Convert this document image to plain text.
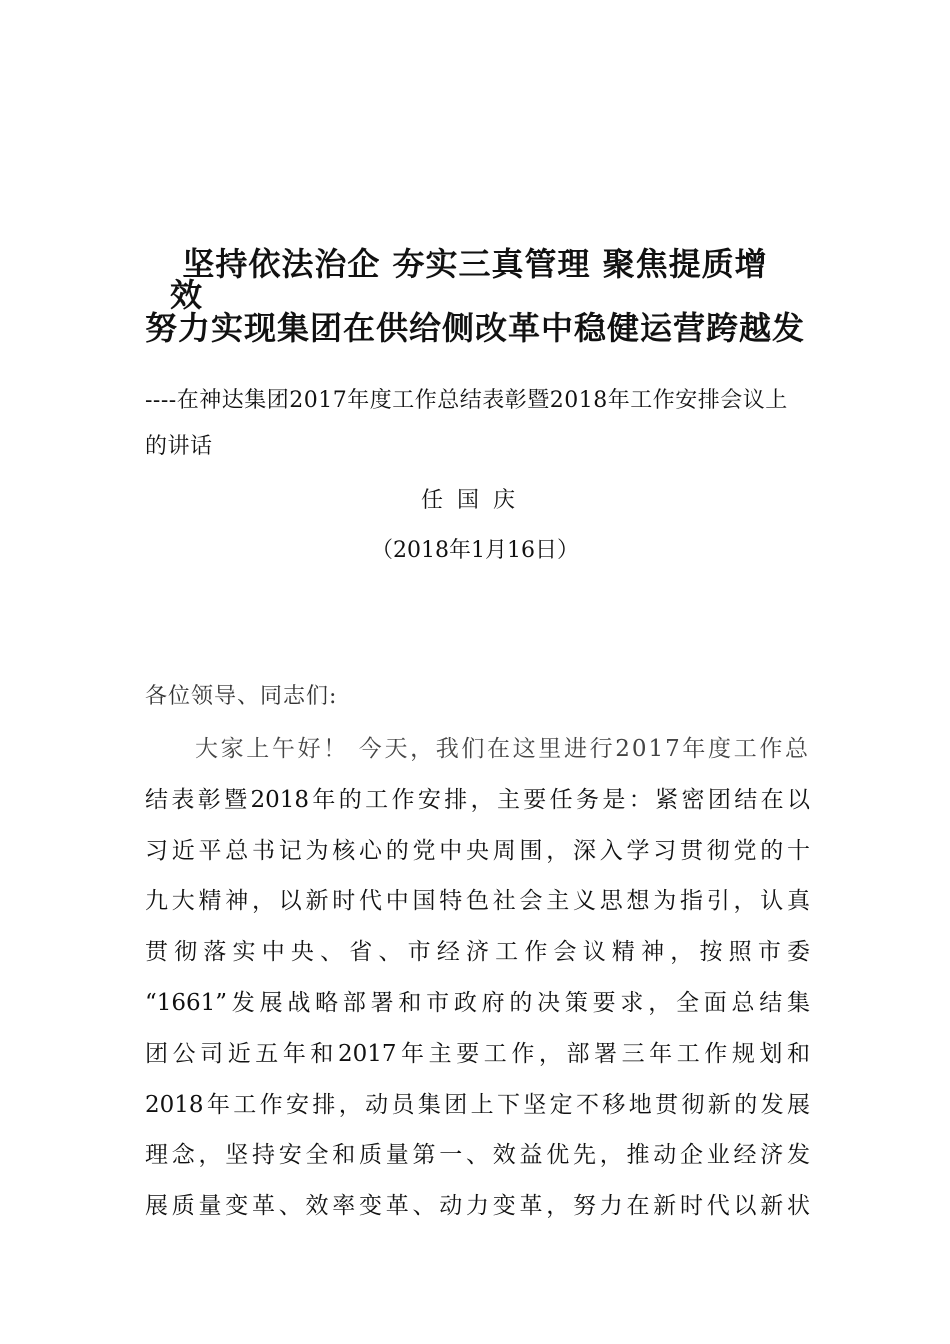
坚持依法治企 夯实三真管理 聚焦提质增
效
努力实现集团在供给侧改革中稳健运营跨越发
----在神达集团2017年度工作总结表彰暨2018年工作安排会议上的讲话
任国庆
（2018年1月16日）
各位领导、同志们:
大家上午好！ 今天，我们在这里进行2017年度工作总
结表彰暨2018年的工作安排，主要任务是：紧密团结在以
习近平总书记为核心的党中央周围，深入学习贯彻党的十
九大精神，以新时代中国特色社会主义思想为指引，认真
贯彻落实中央、省、市经济工作会议精神，按照市委
“1661”发展战略部署和市政府的决策要求，全面总结集
团公司近五年和2017年主要工作，部署三年工作规划和
2018年工作安排，动员集团上下坚定不移地贯彻新的发展
理念，坚持安全和质量第一、效益优先，推动企业经济发
展质量变革、效率变革、动力变革，努力在新时代以新状
